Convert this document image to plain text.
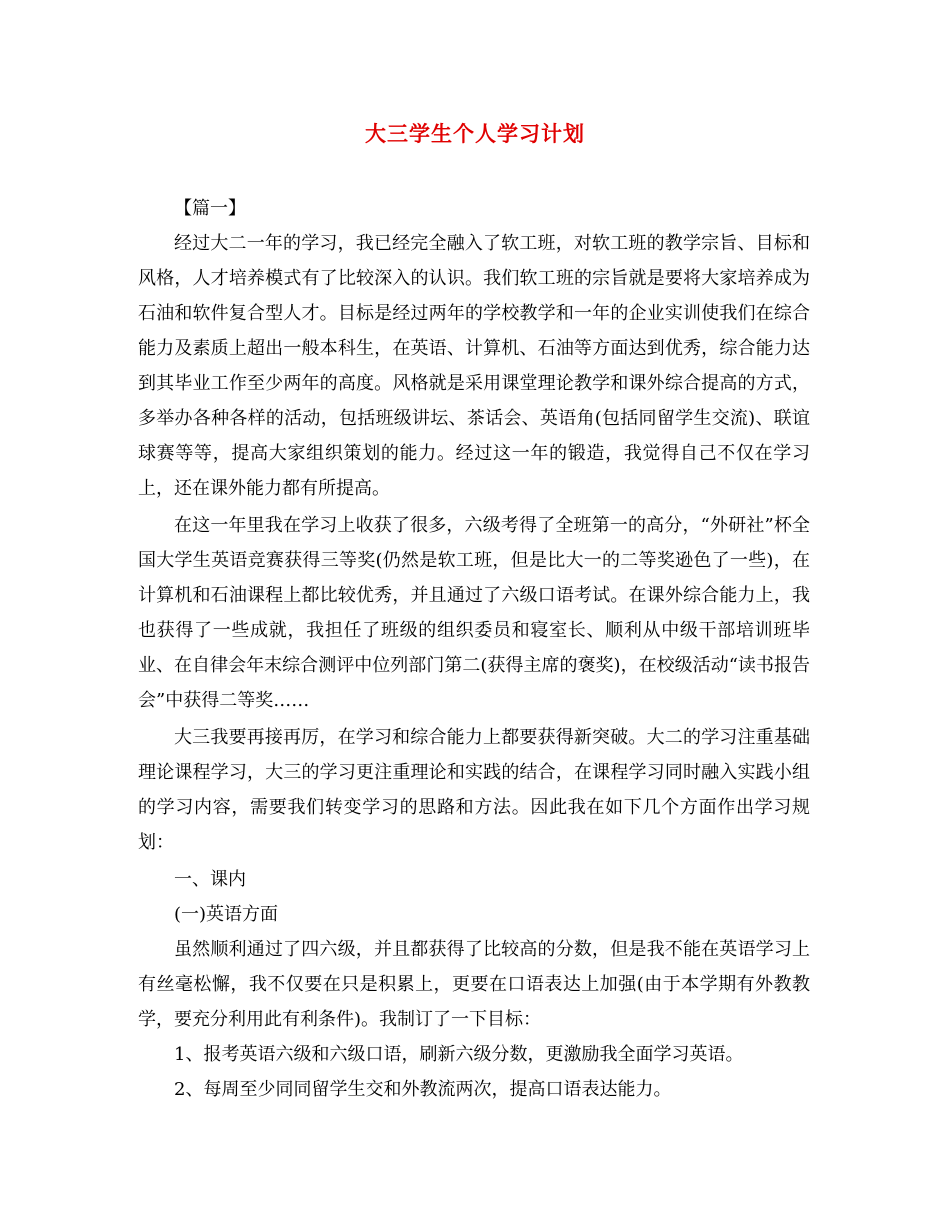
大三学生个人学习计划

【篇一】

经过大二一年的学习，我已经完全融入了软工班，对软工班的教学宗旨、目标和风格，人才培养模式有了比较深入的认识。我们软工班的宗旨就是要将大家培养成为石油和软件复合型人才。目标是经过两年的学校教学和一年的企业实训使我们在综合能力及素质上超出一般本科生，在英语、计算机、石油等方面达到优秀，综合能力达到其毕业工作至少两年的高度。风格就是采用课堂理论教学和课外综合提高的方式，多举办各种各样的活动，包括班级讲坛、茶话会、英语角(包括同留学生交流)、联谊球赛等等，提高大家组织策划的能力。经过这一年的锻造，我觉得自己不仅在学习上，还在课外能力都有所提高。

在这一年里我在学习上收获了很多，六级考得了全班第一的高分，“外研社”杯全国大学生英语竞赛获得三等奖(仍然是软工班，但是比大一的二等奖逊色了一些)，在计算机和石油课程上都比较优秀，并且通过了六级口语考试。在课外综合能力上，我也获得了一些成就，我担任了班级的组织委员和寝室长、顺利从中级干部培训班毕业、在自律会年末综合测评中位列部门第二(获得主席的褒奖)，在校级活动“读书报告会”中获得二等奖……

大三我要再接再厉，在学习和综合能力上都要获得新突破。大二的学习注重基础理论课程学习，大三的学习更注重理论和实践的结合，在课程学习同时融入实践小组的学习内容，需要我们转变学习的思路和方法。因此我在如下几个方面作出学习规划：

一、课内

(一)英语方面

虽然顺利通过了四六级，并且都获得了比较高的分数，但是我不能在英语学习上有丝毫松懈，我不仅要在只是积累上，更要在口语表达上加强(由于本学期有外教教学，要充分利用此有利条件)。我制订了一下目标：

1、报考英语六级和六级口语，刷新六级分数，更激励我全面学习英语。

2、每周至少同同留学生交和外教流两次，提高口语表达能力。
